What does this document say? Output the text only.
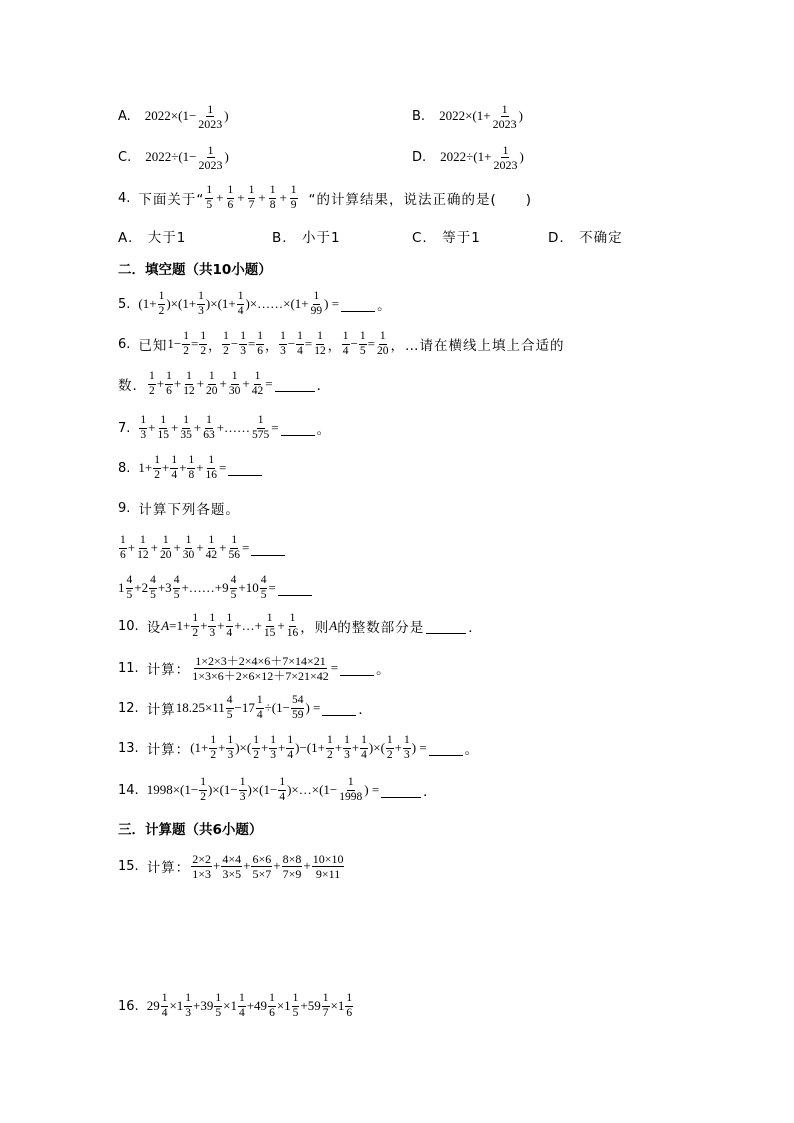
A. $2022\times(1- \frac{1}{2023}$ )	B. $2022\times(1+ \frac{1}{2023}$ )
C. $2022\div(1- \frac{1}{2023}$ )	D. $2022\div(1+ \frac{1}{2023}$ )
4. 下面关于“ $\frac{1}{5} + \frac{1}{6} + \frac{1}{7} + \frac{1}{8} + \frac{1}{9}$ “的计算结果，说法正确的是(　　)
A.　大于1	B.　小于1	C.　等于1	D.　不确定
二．填空题（共10小题）
5. $(1+ \frac{1}{2} )\times(1+ \frac{1}{3} )\times(1+ \frac{1}{4}$ )×……×(1+ $\frac{1}{99}$ ) =	。
6. 已知 $1- \frac{1}{2} = \frac{1}{2}$ ， $\frac{1}{2} - \frac{1}{3} = \frac{1}{6}$ ， $\frac{1}{3} - \frac{1}{4} = \frac{1}{12}$ ， $\frac{1}{4} - \frac{1}{5} = \frac{1}{20}$ ，…请在横线上填上合适的
数． $\frac{1}{2} + \frac{1}{6} + \frac{1}{12} + \frac{1}{20} + \frac{1}{30} + \frac{1}{42}$ =	．
7. $\frac{1}{3} + \frac{1}{15} + \frac{1}{35} + \frac{1}{63}$ + …… $\frac{1}{575}$ =	。
8. $1+ \frac{1}{2} + \frac{1}{4} + \frac{1}{8} + \frac{1}{16}$ =
9. 计算下列各题。
$\frac{1}{6} + \frac{1}{12} + \frac{1}{20} + \frac{1}{30} + \frac{1}{42} + \frac{1}{56}$ =
$1 \frac{4}{5} +2 \frac{4}{5} +3 \frac{4}{5}$ + …… $+9 \frac{4}{5} +10 \frac{4}{5}$ =
10. 设 $A =1+ \frac{1}{2} + \frac{1}{3} + \frac{1}{4}$ +…+ $\frac{1}{15} + \frac{1}{16}$ ，则 A 的整数部分是	．
11. 计算： $\frac{1\times 2\times 3+2\times 4\times 6+7\times 14\times 21}{1\times 3\times 6+2\times 6\times 12+7\times 21\times 42}$ =	。
12. 计算 $18.25\times 11 \frac{4}{5} -17 \frac{1}{4} \div(1- \frac{54}{59}$ ) =	．
13. 计算： ($1+ \frac{1}{2} + \frac{1}{3}$ )×( $\frac{1}{2} + \frac{1}{3} + \frac{1}{4} )-(1+ \frac{1}{2} + \frac{1}{3} + \frac{1}{4}$ )×( $\frac{1}{2} + \frac{1}{3}$ ) =	。
14. $1998\times(1- \frac{1}{2} )\times(1- \frac{1}{3} )\times(1- \frac{1}{4}$ )×…×(1− $\frac{1}{1998}$ ) =	．
三．计算题（共6小题）
15. 计算： $\frac{2\times 2}{1\times 3} + \frac{4\times 4}{3\times 5} + \frac{6\times 6}{5\times 7} + \frac{8\times 8}{7\times 9} + \frac{10\times 10}{9\times 11}$
16. $29 \frac{1}{4} \times 1 \frac{1}{3} +39 \frac{1}{5} \times 1 \frac{1}{4} +49 \frac{1}{6} \times 1 \frac{1}{5} +59 \frac{1}{7} \times 1 \frac{1}{6}$
